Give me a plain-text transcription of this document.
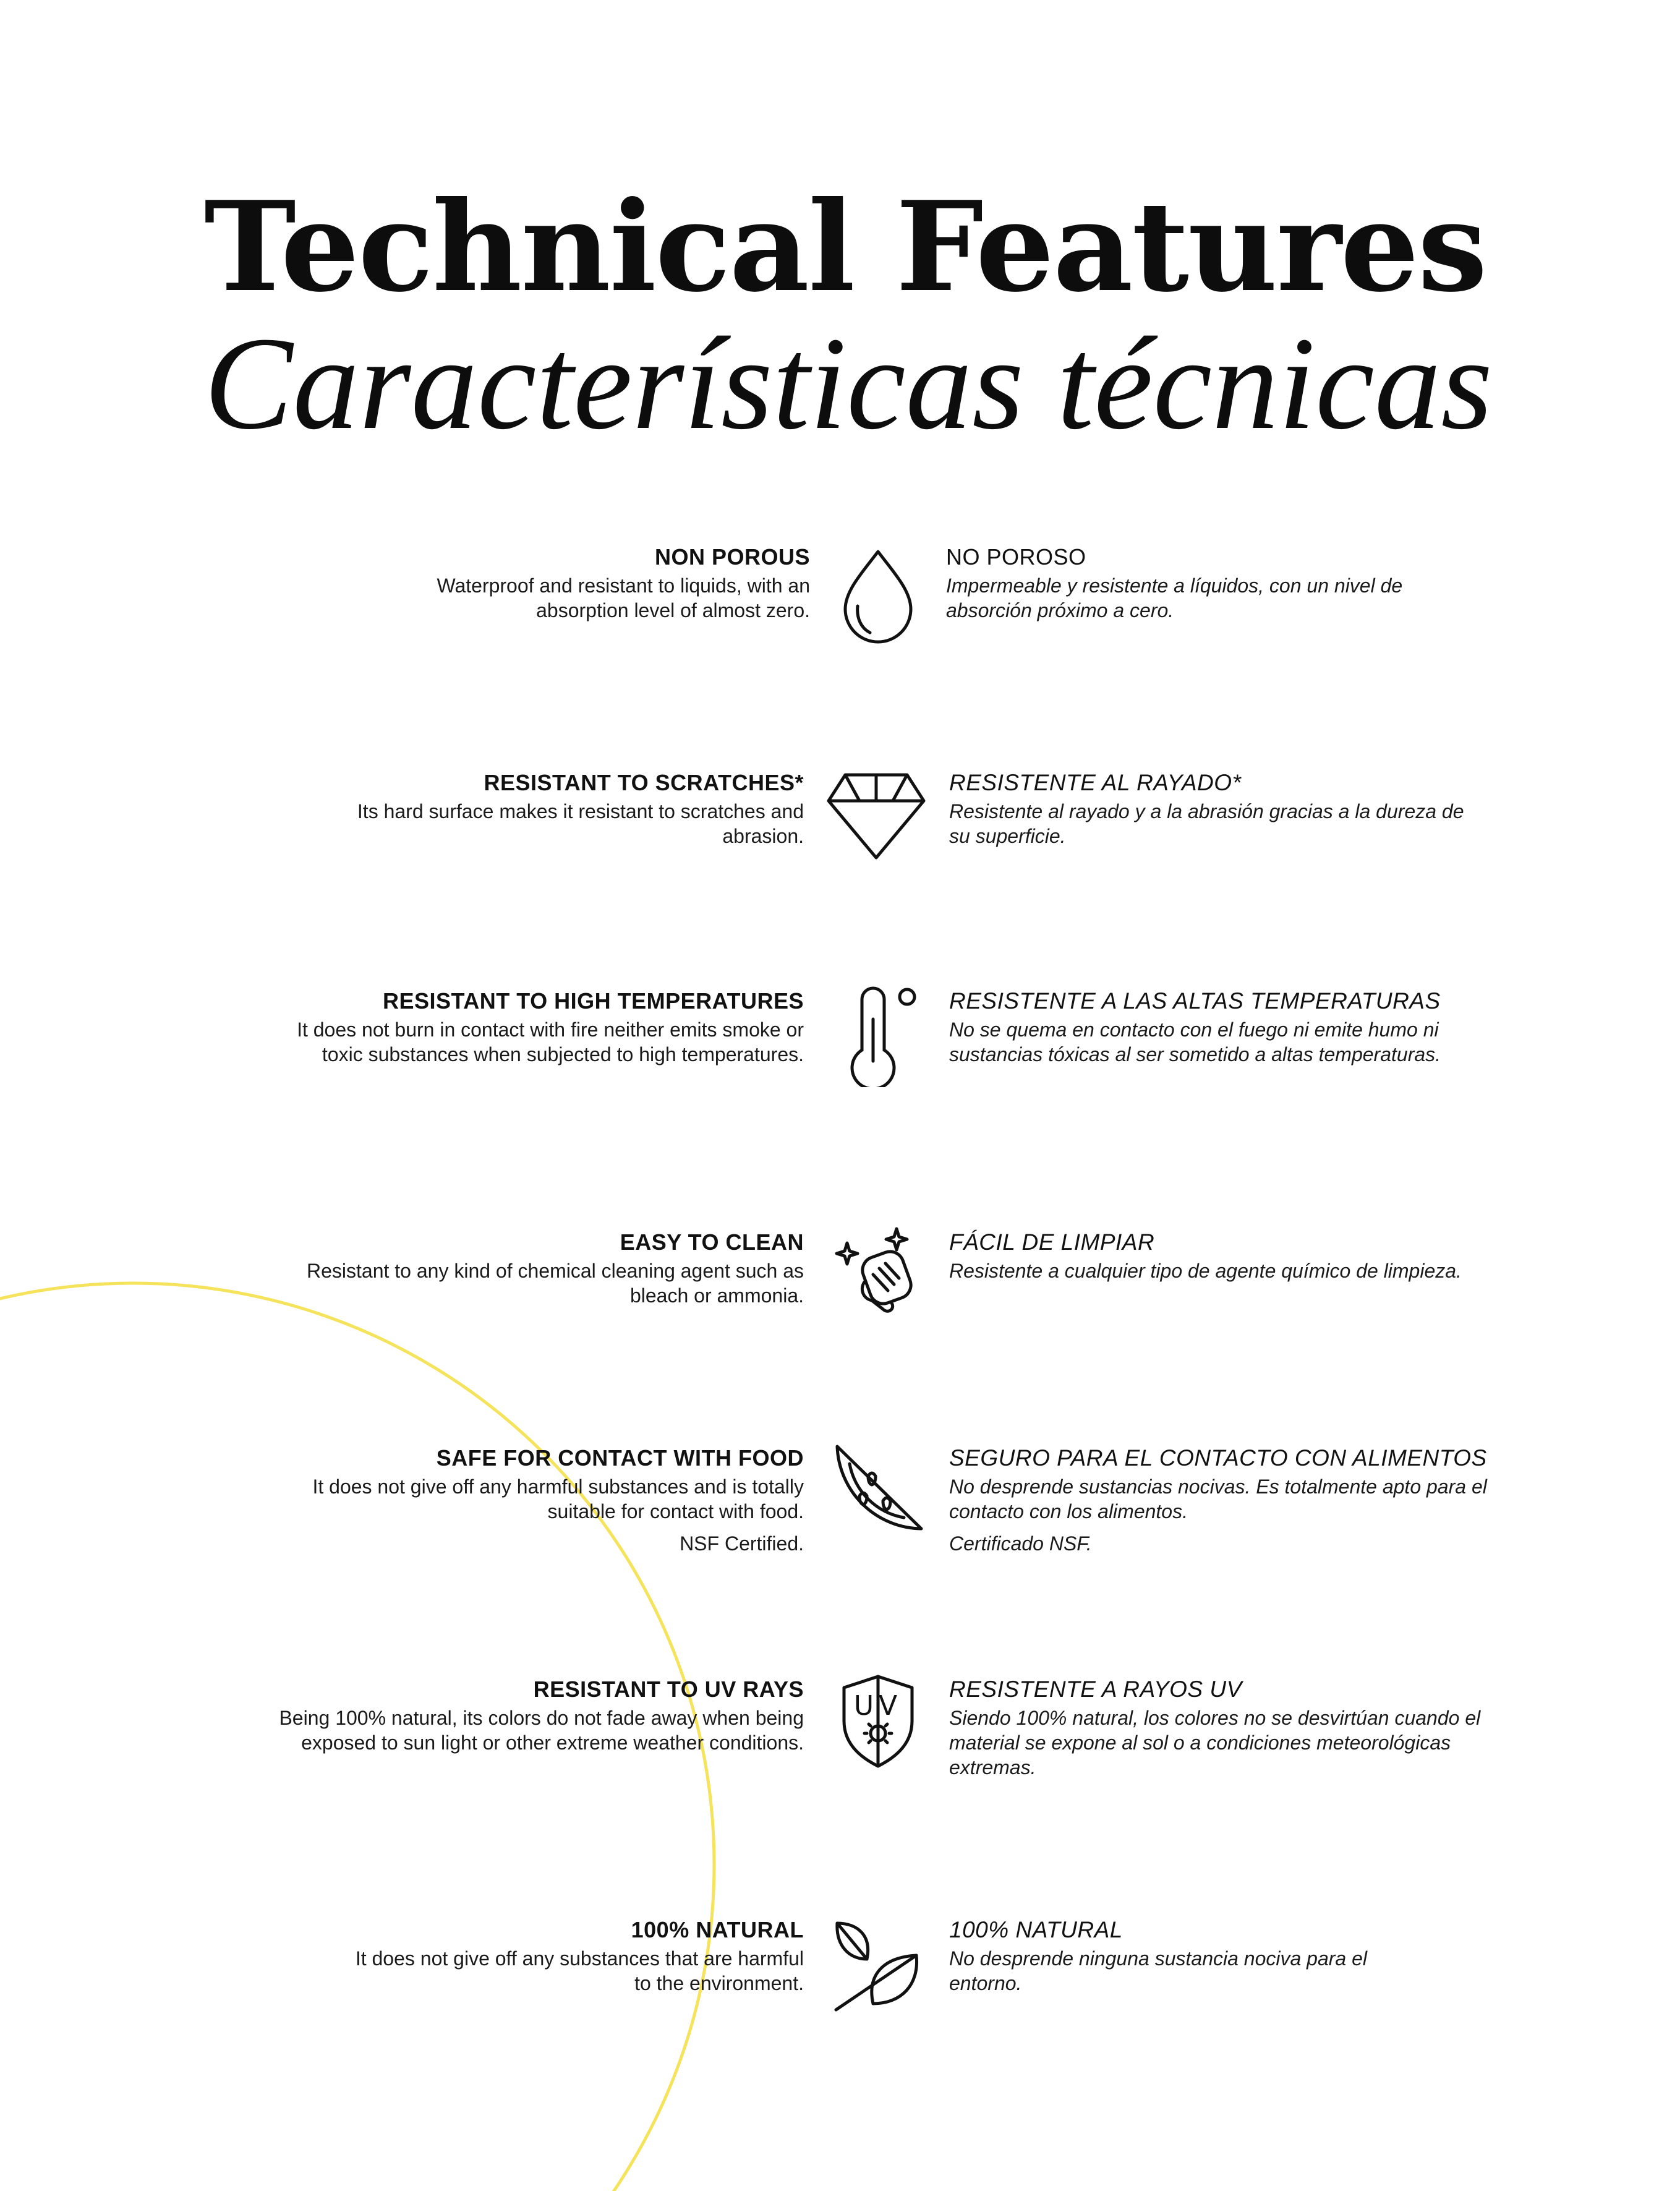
Technical Features
Características técnicas
NON POROUS
Waterproof and resistant to liquids, with an absorption level of almost zero.
NO POROSO
Impermeable y resistente a líquidos, con un nivel de absorción próximo a cero.
RESISTANT TO SCRATCHES*
Its hard surface makes it resistant to scratches and abrasion.
RESISTENTE AL RAYADO*
Resistente al rayado y a la abrasión gracias a la dureza de su superficie.
RESISTANT TO HIGH TEMPERATURES
It does not burn in contact with fire neither emits smoke or toxic substances when subjected to high temperatures.
RESISTENTE A LAS ALTAS TEMPERATURAS
No se quema en contacto con el fuego ni emite humo ni sustancias tóxicas al ser sometido a altas temperaturas.
EASY TO CLEAN
Resistant to any kind of chemical cleaning agent such as bleach or ammonia.
FÁCIL DE LIMPIAR
Resistente a cualquier tipo de agente químico de limpieza.
SAFE FOR CONTACT WITH FOOD
It does not give off any harmful substances and is totally suitable for contact with food.
NSF Certified.
SEGURO PARA EL CONTACTO CON ALIMENTOS
No desprende sustancias nocivas. Es totalmente apto para el contacto con los alimentos.
Certificado NSF.
RESISTANT TO UV RAYS
Being 100% natural, its colors do not fade away when being exposed to sun light or other extreme weather conditions.
UV
RESISTENTE A RAYOS UV
Siendo 100% natural, los colores no se desvirtúan cuando el material se expone al sol o a condiciones meteorológicas extremas.
100% NATURAL
It does not give off any substances that are harmful to the environment.
100% NATURAL
No desprende ninguna sustancia nociva para el entorno.
